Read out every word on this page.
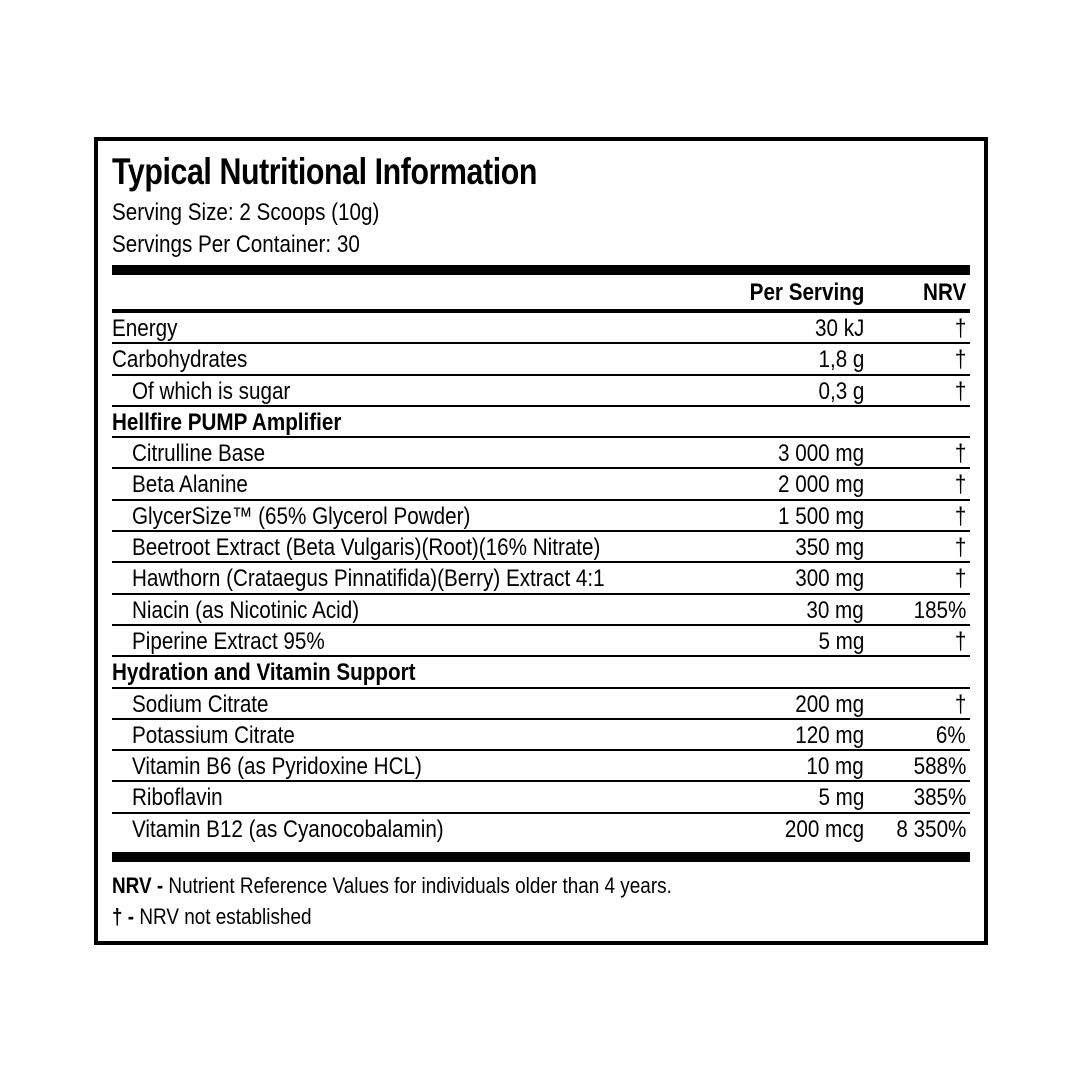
Typical Nutritional Information
Serving Size: 2 Scoops (10g)
Servings Per Container: 30
Per Serving NRV
Energy	30 kJ	†
Carbohydrates	1,8 g	†
Of which is sugar	0,3 g	†
Hellfire PUMP Amplifier
Citrulline Base	3 000 mg	†
Beta Alanine	2 000 mg	†
GlycerSize™ (65% Glycerol Powder)	1 500 mg	†
Beetroot Extract (Beta Vulgaris)(Root)(16% Nitrate)	350 mg	†
Hawthorn (Crataegus Pinnatifida)(Berry) Extract 4:1	300 mg	†
Niacin (as Nicotinic Acid)	30 mg 185%
Piperine Extract 95%	5 mg	†
Hydration and Vitamin Support
Sodium Citrate	200 mg	†
Potassium Citrate	120 mg	6%
Vitamin B6 (as Pyridoxine HCL)	10 mg 588%
Riboflavin	5 mg 385%
Vitamin B12 (as Cyanocobalamin)	200 mcg 8 350%
NRV - Nutrient Reference Values for individuals older than 4 years.
† - NRV not established
